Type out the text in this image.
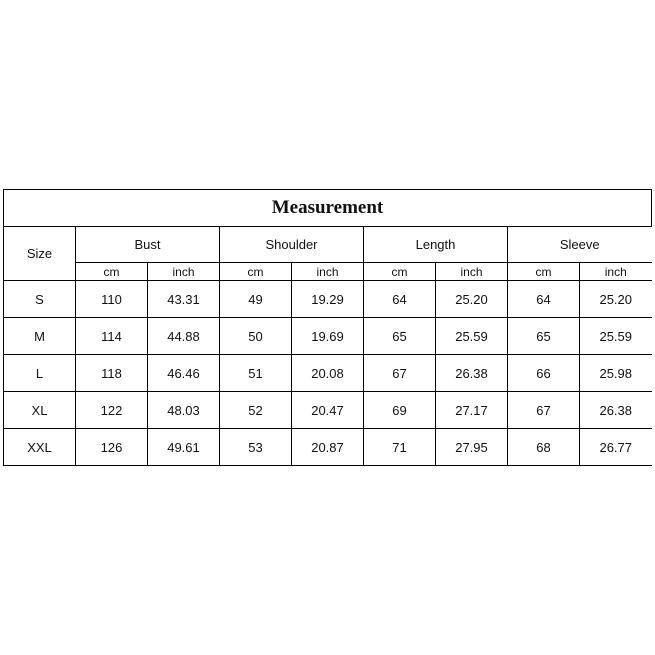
Measurement								
Size	Bust		Shoulder		Length		Sleeve	
	cm	inch	cm	inch	cm	inch	cm	inch
S	110	43.31	49	19.29	64	25.20	64	25.20
M	114	44.88	50	19.69	65	25.59	65	25.59
L	118	46.46	51	20.08	67	26.38	66	25.98
XL	122	48.03	52	20.47	69	27.17	67	26.38
XXL	126	49.61	53	20.87	71	27.95	68	26.77
